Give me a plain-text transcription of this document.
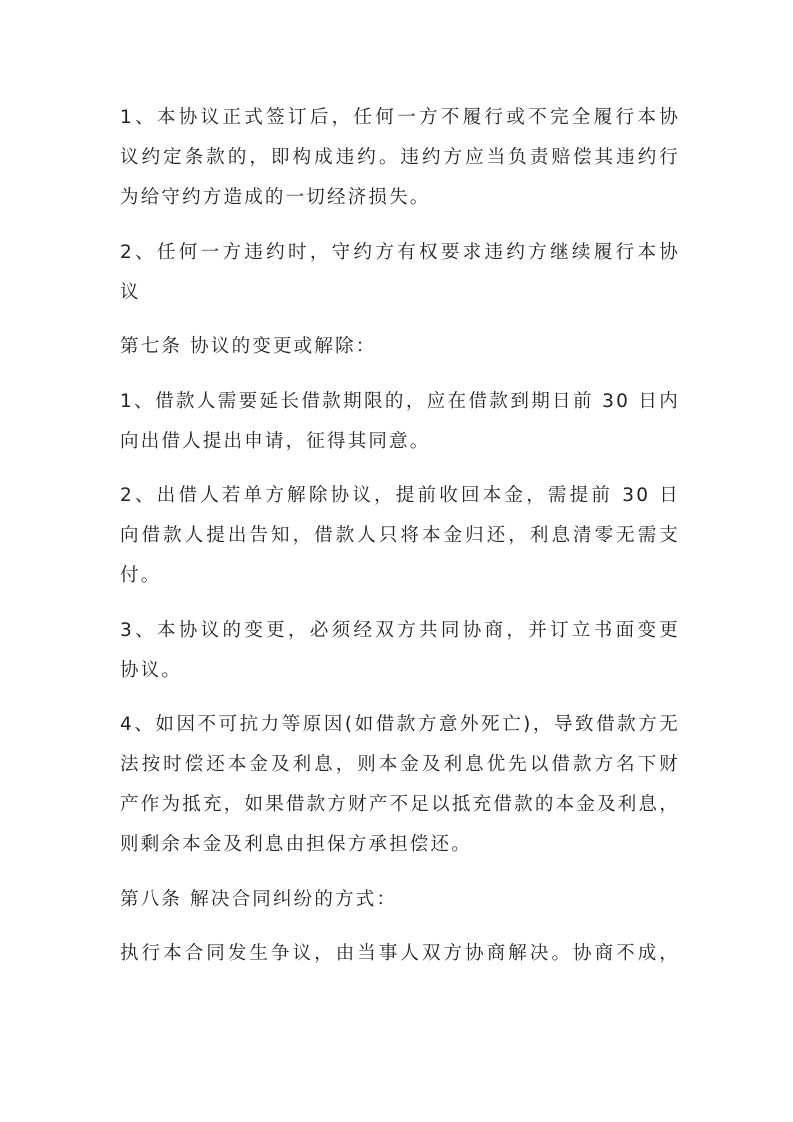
1、本协议正式签订后，任何一方不履行或不完全履行本协
议约定条款的，即构成违约。违约方应当负责赔偿其违约行
为给守约方造成的一切经济损失。

2、任何一方违约时，守约方有权要求违约方继续履行本协
议

第七条 协议的变更或解除：

1、借款人需要延长借款期限的，应在借款到期日前 30 日内
向出借人提出申请，征得其同意。

2、出借人若单方解除协议，提前收回本金，需提前 30 日
向借款人提出告知，借款人只将本金归还，利息清零无需支
付。

3、本协议的变更，必须经双方共同协商，并订立书面变更
协议。

4、如因不可抗力等原因(如借款方意外死亡)，导致借款方无
法按时偿还本金及利息，则本金及利息优先以借款方名下财
产作为抵充，如果借款方财产不足以抵充借款的本金及利息，
则剩余本金及利息由担保方承担偿还。

第八条 解决合同纠纷的方式：

执行本合同发生争议，由当事人双方协商解决。协商不成，
